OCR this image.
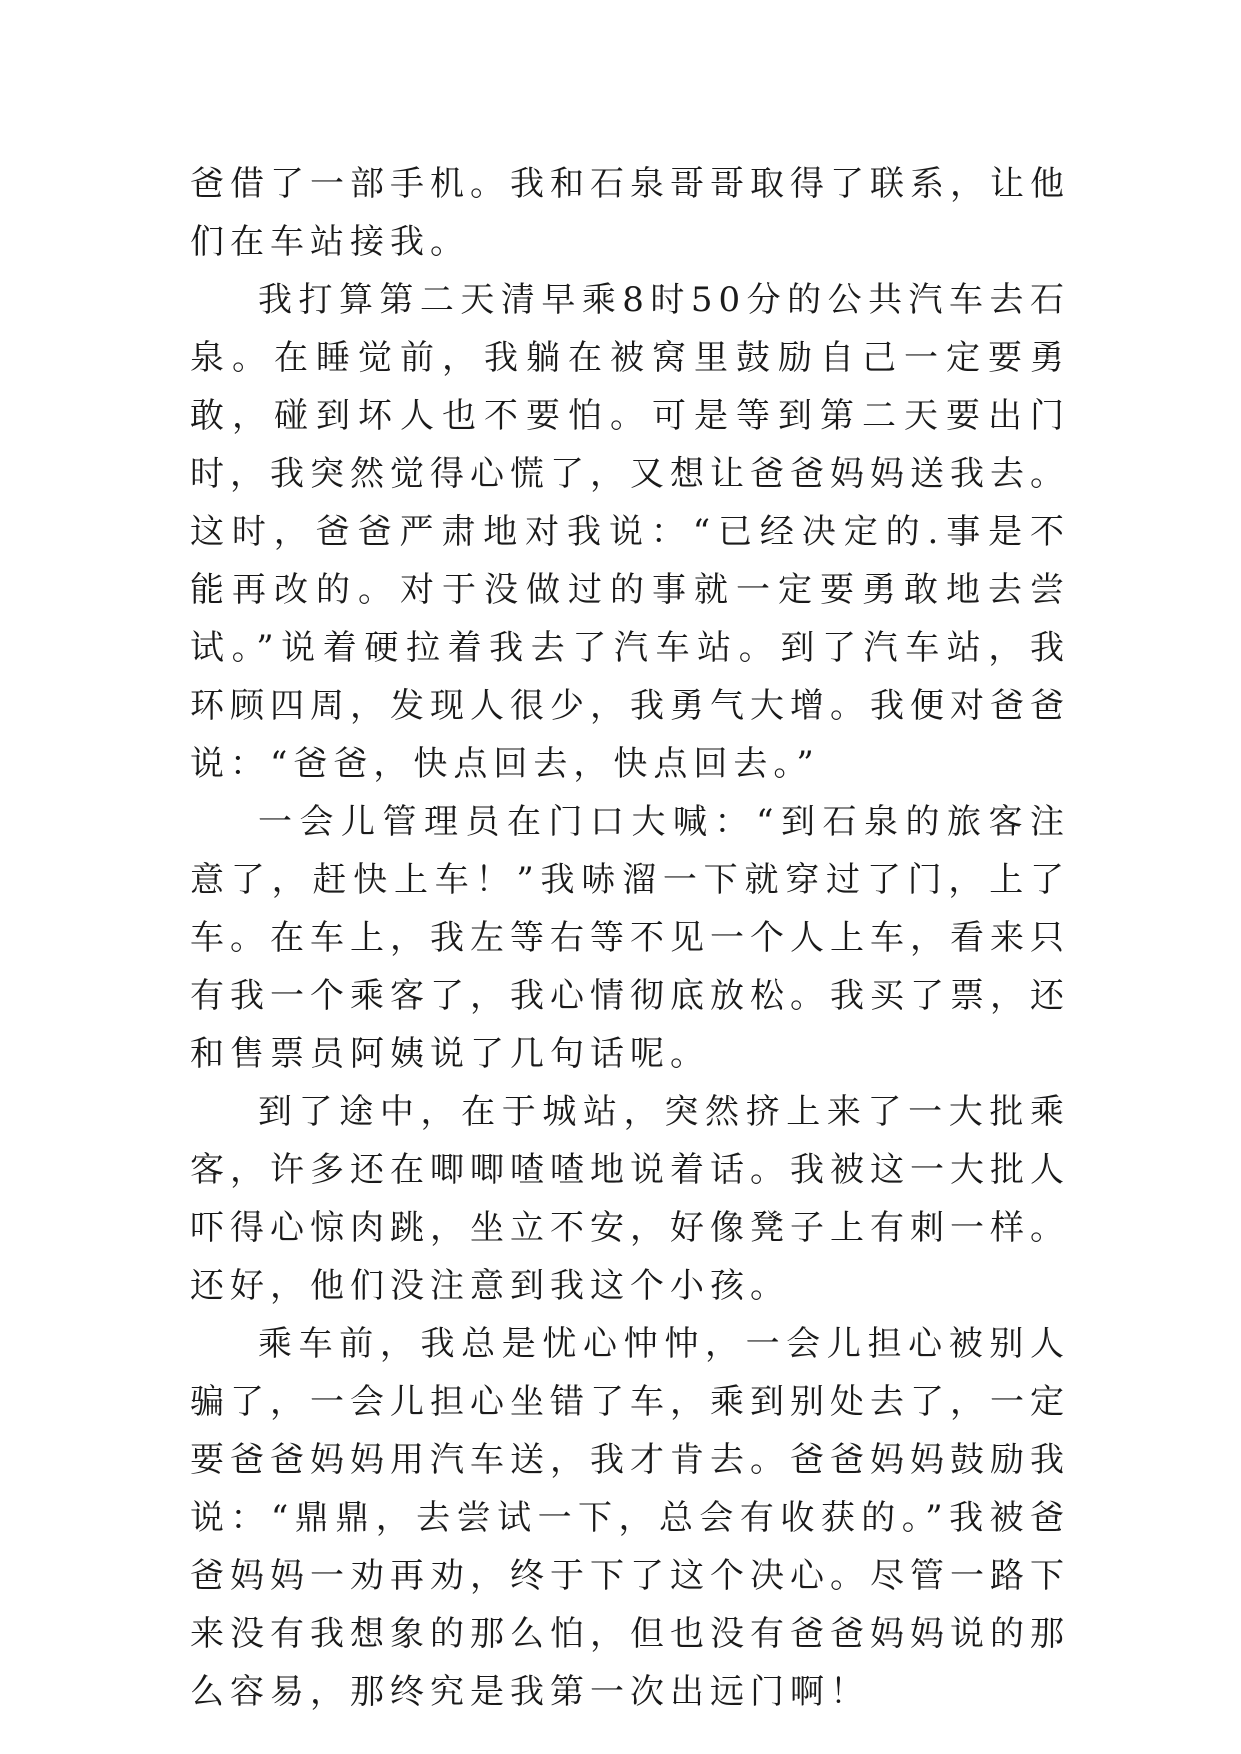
爸借了一部手机。我和石泉哥哥取得了联系，让他们在车站接我。

我打算第二天清早乘8时50分的公共汽车去石泉。在睡觉前，我躺在被窝里鼓励自己一定要勇敢，碰到坏人也不要怕。可是等到第二天要出门时，我突然觉得心慌了，又想让爸爸妈妈送我去。这时，爸爸严肃地对我说：“已经决定的.事是不能再改的。对于没做过的事就一定要勇敢地去尝试。”说着硬拉着我去了汽车站。到了汽车站，我环顾四周，发现人很少，我勇气大增。我便对爸爸说：“爸爸，快点回去，快点回去。”

一会儿管理员在门口大喊：“到石泉的旅客注意了，赶快上车！”我哧溜一下就穿过了门，上了车。在车上，我左等右等不见一个人上车，看来只有我一个乘客了，我心情彻底放松。我买了票，还和售票员阿姨说了几句话呢。

到了途中，在于城站，突然挤上来了一大批乘客，许多还在唧唧喳喳地说着话。我被这一大批人吓得心惊肉跳，坐立不安，好像凳子上有刺一样。还好，他们没注意到我这个小孩。

乘车前，我总是忧心忡忡，一会儿担心被别人骗了，一会儿担心坐错了车，乘到别处去了，一定要爸爸妈妈用汽车送，我才肯去。爸爸妈妈鼓励我说：“鼎鼎，去尝试一下，总会有收获的。”我被爸爸妈妈一劝再劝，终于下了这个决心。尽管一路下来没有我想象的那么怕，但也没有爸爸妈妈说的那么容易，那终究是我第一次出远门啊！
